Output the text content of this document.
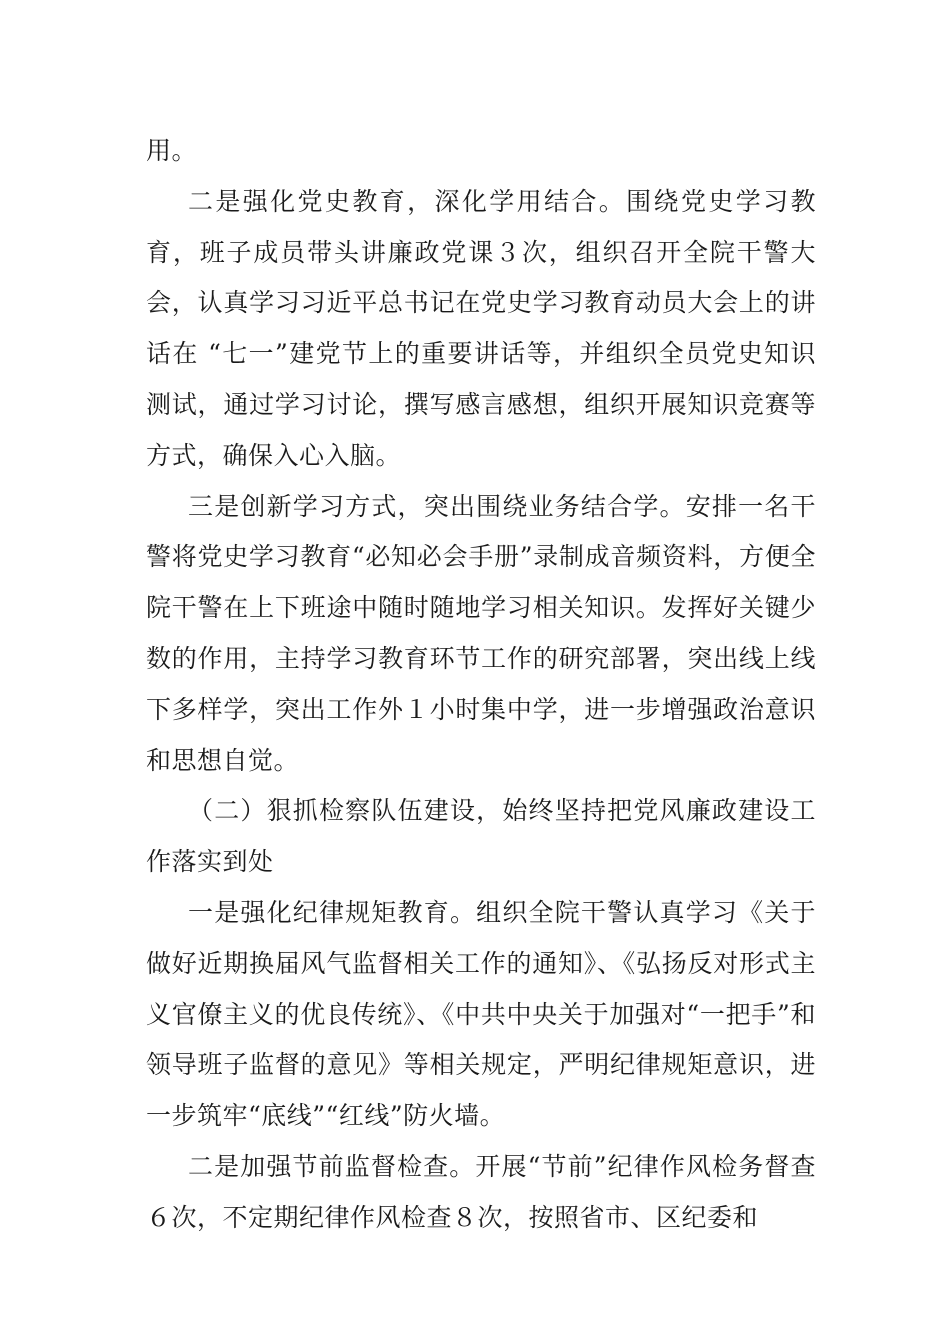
用。

二是强化党史教育，深化学用结合。围绕党史学习教育，班子成员带头讲廉政党课３次，组织召开全院干警大会，认真学习习近平总书记在党史学习教育动员大会上的讲话在 “七一”建党节上的重要讲话等，并组织全员党史知识测试，通过学习讨论，撰写感言感想，组织开展知识竞赛等方式，确保入心入脑。

三是创新学习方式，突出围绕业务结合学。安排一名干警将党史学习教育“必知必会手册”录制成音频资料，方便全院干警在上下班途中随时随地学习相关知识。发挥好关键少数的作用，主持学习教育环节工作的研究部署，突出线上线下多样学，突出工作外１小时集中学，进一步增强政治意识和思想自觉。

（二）狠抓检察队伍建设，始终坚持把党风廉政建设工作落实到处

一是强化纪律规矩教育。组织全院干警认真学习《关于做好近期换届风气监督相关工作的通知》、《弘扬反对形式主义官僚主义的优良传统》、《中共中央关于加强对“一把手”和领导班子监督的意见》等相关规定，严明纪律规矩意识，进一步筑牢“底线”“红线”防火墙。

二是加强节前监督检查。开展“节前”纪律作风检务督查６次，不定期纪律作风检查８次，按照省市、区纪委和
